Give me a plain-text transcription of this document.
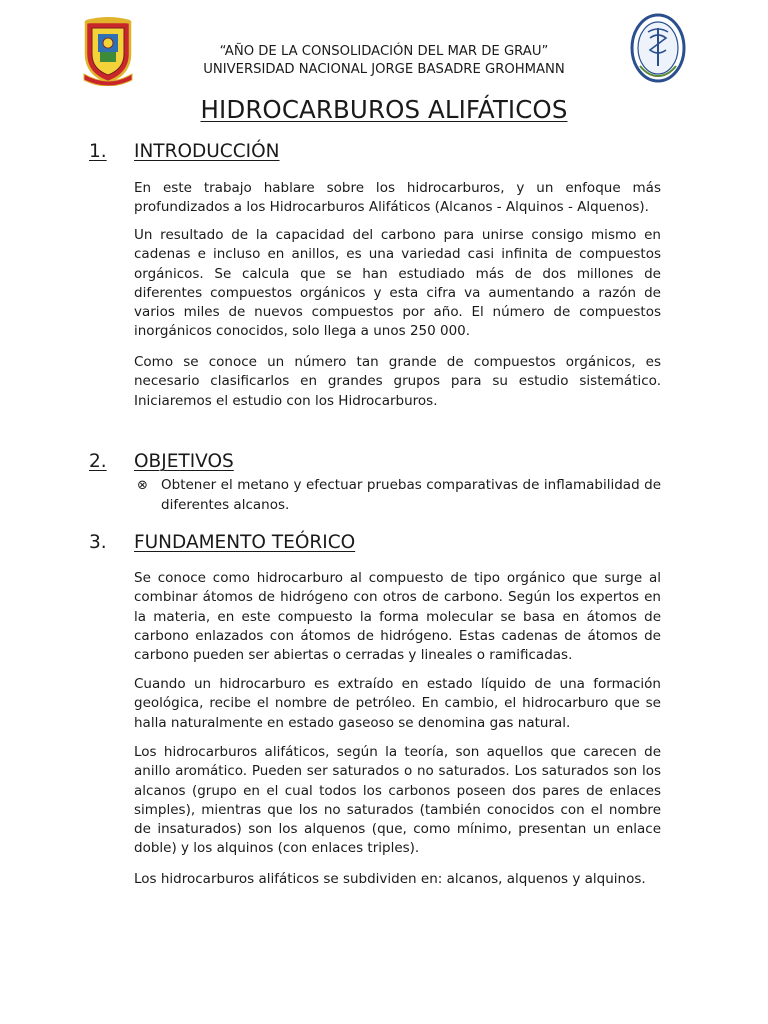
“AÑO DE LA CONSOLIDACIÓN DEL MAR DE GRAU”
UNIVERSIDAD NACIONAL JORGE BASADRE GROHMANN
HIDROCARBUROS ALIFÁTICOS
1. INTRODUCCIÓN

En este trabajo hablare sobre los hidrocarburos, y un enfoque más profundizados a los Hidrocarburos Alifáticos (Alcanos - Alquinos - Alquenos).

Un resultado de la capacidad del carbono para unirse consigo mismo en cadenas e incluso en anillos, es una variedad casi infinita de compuestos orgánicos. Se calcula que se han estudiado más de dos millones de diferentes compuestos orgánicos y esta cifra va aumentando a razón de varios miles de nuevos compuestos por año. El número de compuestos inorgánicos conocidos, solo llega a unos 250 000.

Como se conoce un número tan grande de compuestos orgánicos, es necesario clasificarlos en grandes grupos para su estudio sistemático. Iniciaremos el estudio con los Hidrocarburos.

2. OBJETIVOS
⊗ Obtener el metano y efectuar pruebas comparativas de inflamabilidad de diferentes alcanos.
3. FUNDAMENTO TEÓRICO

Se conoce como hidrocarburo al compuesto de tipo orgánico que surge al combinar átomos de hidrógeno con otros de carbono. Según los expertos en la materia, en este compuesto la forma molecular se basa en átomos de carbono enlazados con átomos de hidrógeno. Estas cadenas de átomos de carbono pueden ser abiertas o cerradas y lineales o ramificadas.

Cuando un hidrocarburo es extraído en estado líquido de una formación geológica, recibe el nombre de petróleo. En cambio, el hidrocarburo que se halla naturalmente en estado gaseoso se denomina gas natural.

Los hidrocarburos alifáticos, según la teoría, son aquellos que carecen de anillo aromático. Pueden ser saturados o no saturados. Los saturados son los alcanos (grupo en el cual todos los carbonos poseen dos pares de enlaces simples), mientras que los no saturados (también conocidos con el nombre de insaturados) son los alquenos (que, como mínimo, presentan un enlace doble) y los alquinos (con enlaces triples).

Los hidrocarburos alifáticos se subdividen en: alcanos, alquenos y alquinos.
